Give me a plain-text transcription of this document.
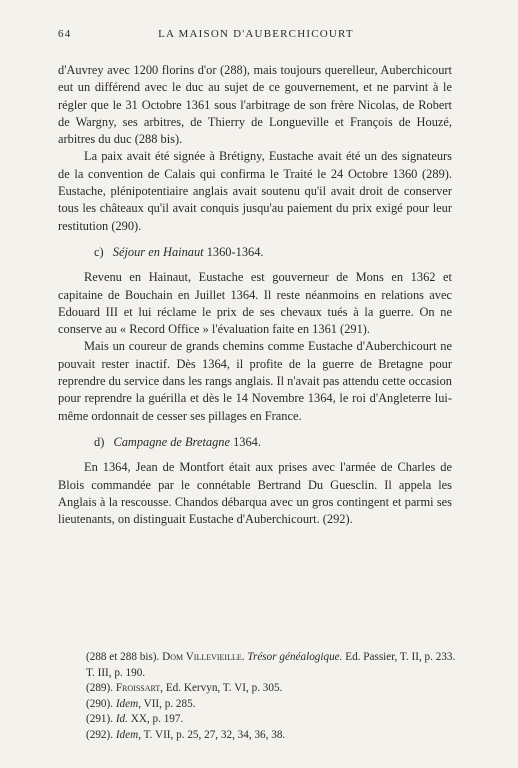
64	LA MAISON D'AUBERCHICOURT

d'Auvrey avec 1200 florins d'or (288), mais toujours querelleur, Auberchicourt eut un différend avec le duc au sujet de ce gouvernement, et ne parvint à le régler que le 31 Octobre 1361 sous l'arbitrage de son frère Nicolas, de Robert de Wargny, ses arbitres, de Thierry de Longueville et François de Houzé, arbitres du duc (288 bis).

La paix avait été signée à Brétigny, Eustache avait été un des signateurs de la convention de Calais qui confirma le Traité le 24 Octobre 1360 (289). Eustache, plénipotentiaire anglais avait soutenu qu'il avait droit de conserver tous les châteaux qu'il avait conquis jusqu'au paiement du prix exigé pour leur restitution (290).

c) Séjour en Hainaut 1360-1364.

Revenu en Hainaut, Eustache est gouverneur de Mons en 1362 et capitaine de Bouchain en Juillet 1364. Il reste néanmoins en relations avec Edouard III et lui réclame le prix de ses chevaux tués à la guerre. On ne conserve au « Record Office » l'évaluation faite en 1361 (291).

Mais un coureur de grands chemins comme Eustache d'Auberchicourt ne pouvait rester inactif. Dès 1364, il profite de la guerre de Bretagne pour reprendre du service dans les rangs anglais. Il n'avait pas attendu cette occasion pour reprendre la guérilla et dès le 14 Novembre 1364, le roi d'Angleterre lui-même ordonnait de cesser ses pillages en France.

d) Campagne de Bretagne 1364.

En 1364, Jean de Montfort était aux prises avec l'armée de Charles de Blois commandée par le connétable Bertrand Du Guesclin. Il appela les Anglais à la rescousse. Chandos débarqua avec un gros contingent et parmi ses lieutenants, on distinguait Eustache d'Auberchicourt. (292).

(288 et 288 bis). Dom Villevieille. Trésor généalogique. Ed. Passier, T. II, p. 233. T. III, p. 190.

(289). Froissart, Ed. Kervyn, T. VI, p. 305.

(290). Idem, VII, p. 285.

(291). Id. XX, p. 197.

(292). Idem, T. VII, p. 25, 27, 32, 34, 36, 38.
